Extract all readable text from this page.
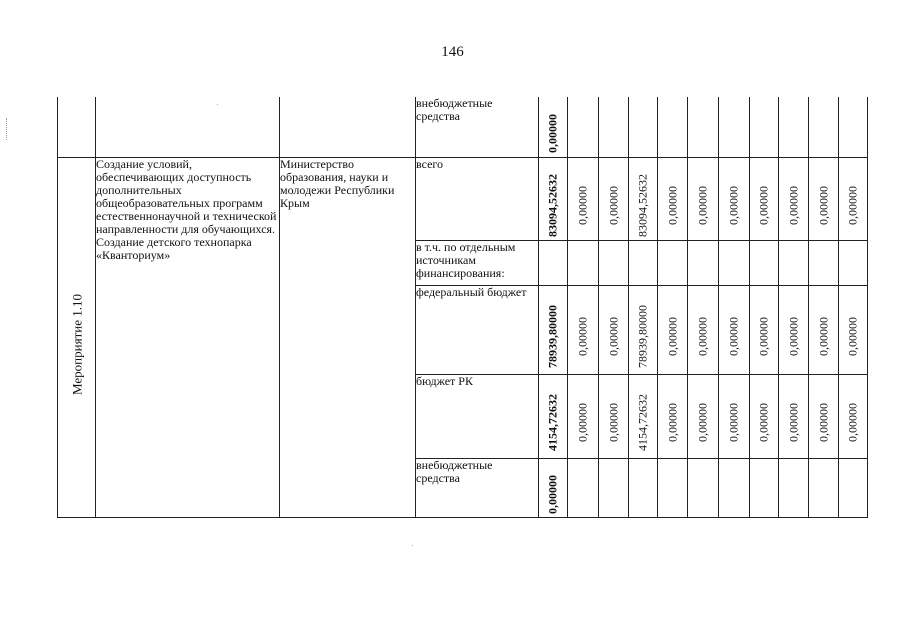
146
			внебюджетные средства	0,00000										

Мероприятие 1.10	Создание условий, обеспечивающих доступность дополнительных общеобразовательных программ естественнонаучной и технической направленности для обучающихся. Создание детского технопарка «Кванториум»	Министерство образования, науки и молодежи Республики Крым	всего	83094,52632	0,00000	0,00000	83094,52632	0,00000	0,00000	0,00000	0,00000	0,00000	0,00000	0,00000

			в т.ч. по отдельным источникам финансирования:											
			федеральный бюджет	78939,80000	0,00000	0,00000	78939,80000	0,00000	0,00000	0,00000	0,00000	0,00000	0,00000	0,00000

			бюджет РК	4154,72632	0,00000	0,00000	4154,72632	0,00000	0,00000	0,00000	0,00000	0,00000	0,00000	0,00000

			внебюджетные средства	0,00000										
